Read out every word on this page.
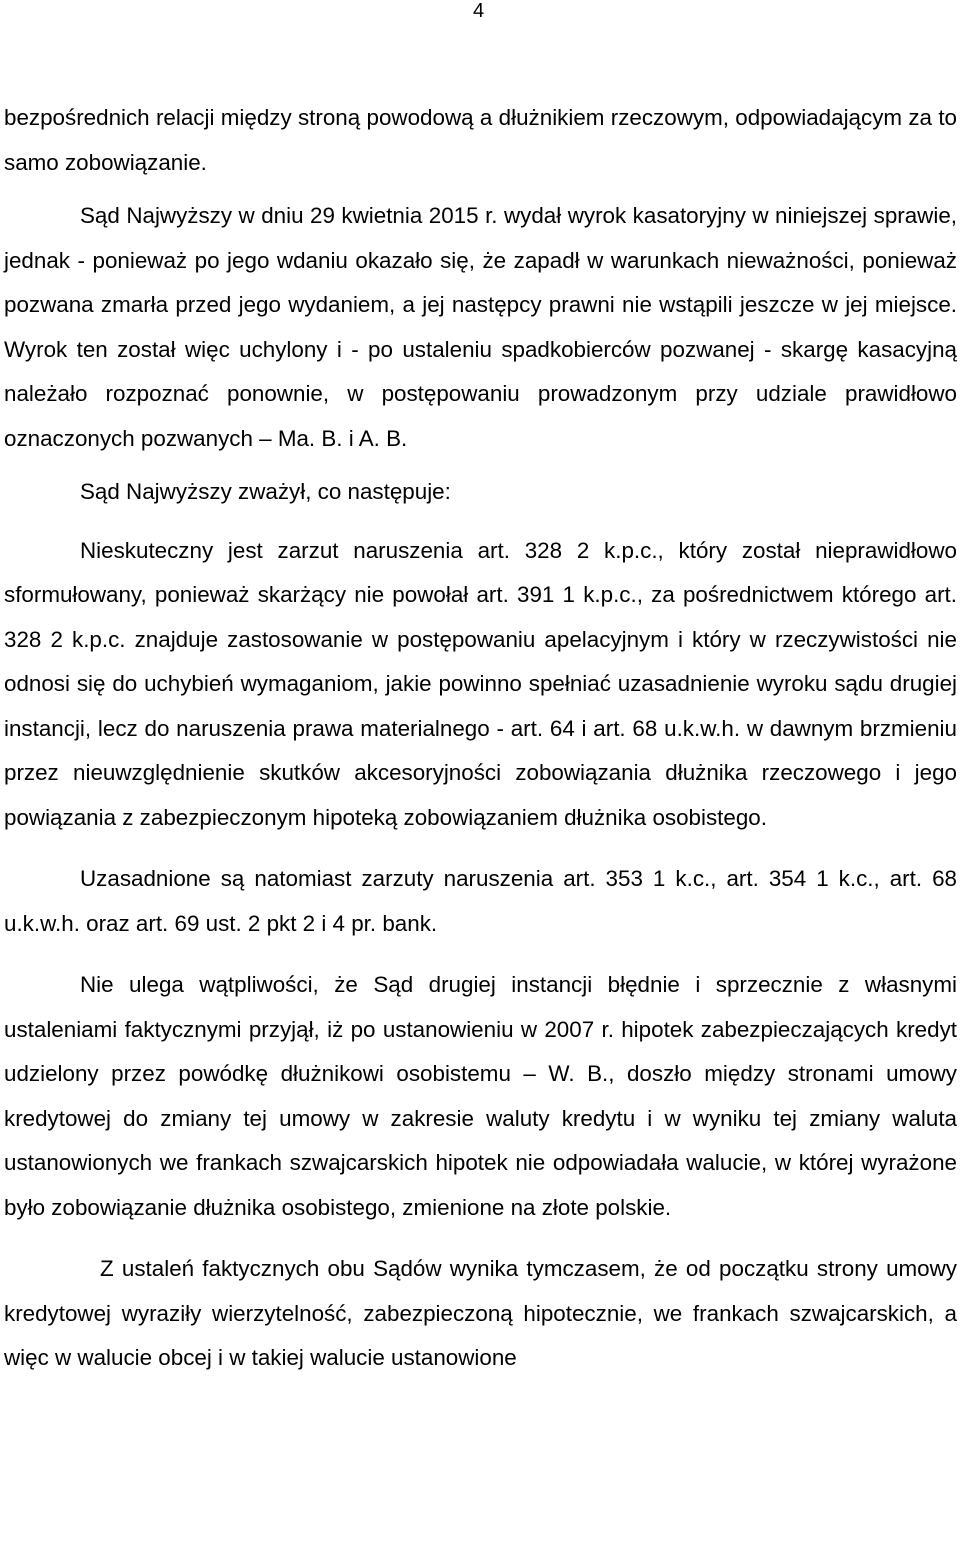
4

bezpośrednich relacji między stroną powodową a dłużnikiem rzeczowym, odpowiadającym za to samo zobowiązanie.

Sąd Najwyższy w dniu 29 kwietnia 2015 r. wydał wyrok kasatoryjny w niniejszej sprawie, jednak - ponieważ po jego wdaniu okazało się, że zapadł w warunkach nieważności, ponieważ pozwana zmarła przed jego wydaniem, a jej następcy prawni nie wstąpili jeszcze w jej miejsce. Wyrok ten został więc uchylony i - po ustaleniu spadkobierców pozwanej - skargę kasacyjną należało rozpoznać ponownie, w postępowaniu prowadzonym przy udziale prawidłowo oznaczonych pozwanych – Ma. B. i A. B.

Sąd Najwyższy zważył, co następuje:

Nieskuteczny jest zarzut naruszenia art. 328 2 k.p.c., który został nieprawidłowo sformułowany, ponieważ skarżący nie powołał art. 391 1 k.p.c., za pośrednictwem którego art. 328 2 k.p.c. znajduje zastosowanie w postępowaniu apelacyjnym i który w rzeczywistości nie odnosi się do uchybień wymaganiom, jakie powinno spełniać uzasadnienie wyroku sądu drugiej instancji, lecz do naruszenia prawa materialnego - art. 64 i art. 68 u.k.w.h. w dawnym brzmieniu przez nieuwzględnienie skutków akcesoryjności zobowiązania dłużnika rzeczowego i jego powiązania z zabezpieczonym hipoteką zobowiązaniem dłużnika osobistego.

Uzasadnione są natomiast zarzuty naruszenia art. 353 1 k.c., art. 354 1 k.c., art. 68 u.k.w.h. oraz art. 69 ust. 2 pkt 2 i 4 pr. bank.

Nie ulega wątpliwości, że Sąd drugiej instancji błędnie i sprzecznie z własnymi ustaleniami faktycznymi przyjął, iż po ustanowieniu w 2007 r. hipotek zabezpieczających kredyt udzielony przez powódkę dłużnikowi osobistemu – W. B., doszło między stronami umowy kredytowej do zmiany tej umowy w zakresie waluty kredytu i w wyniku tej zmiany waluta ustanowionych we frankach szwajcarskich hipotek nie odpowiadała walucie, w której wyrażone było zobowiązanie dłużnika osobistego, zmienione na złote polskie.

Z ustaleń faktycznych obu Sądów wynika tymczasem, że od początku strony umowy kredytowej wyraziły wierzytelność, zabezpieczoną hipotecznie, we frankach szwajcarskich, a więc w walucie obcej i w takiej walucie ustanowione
